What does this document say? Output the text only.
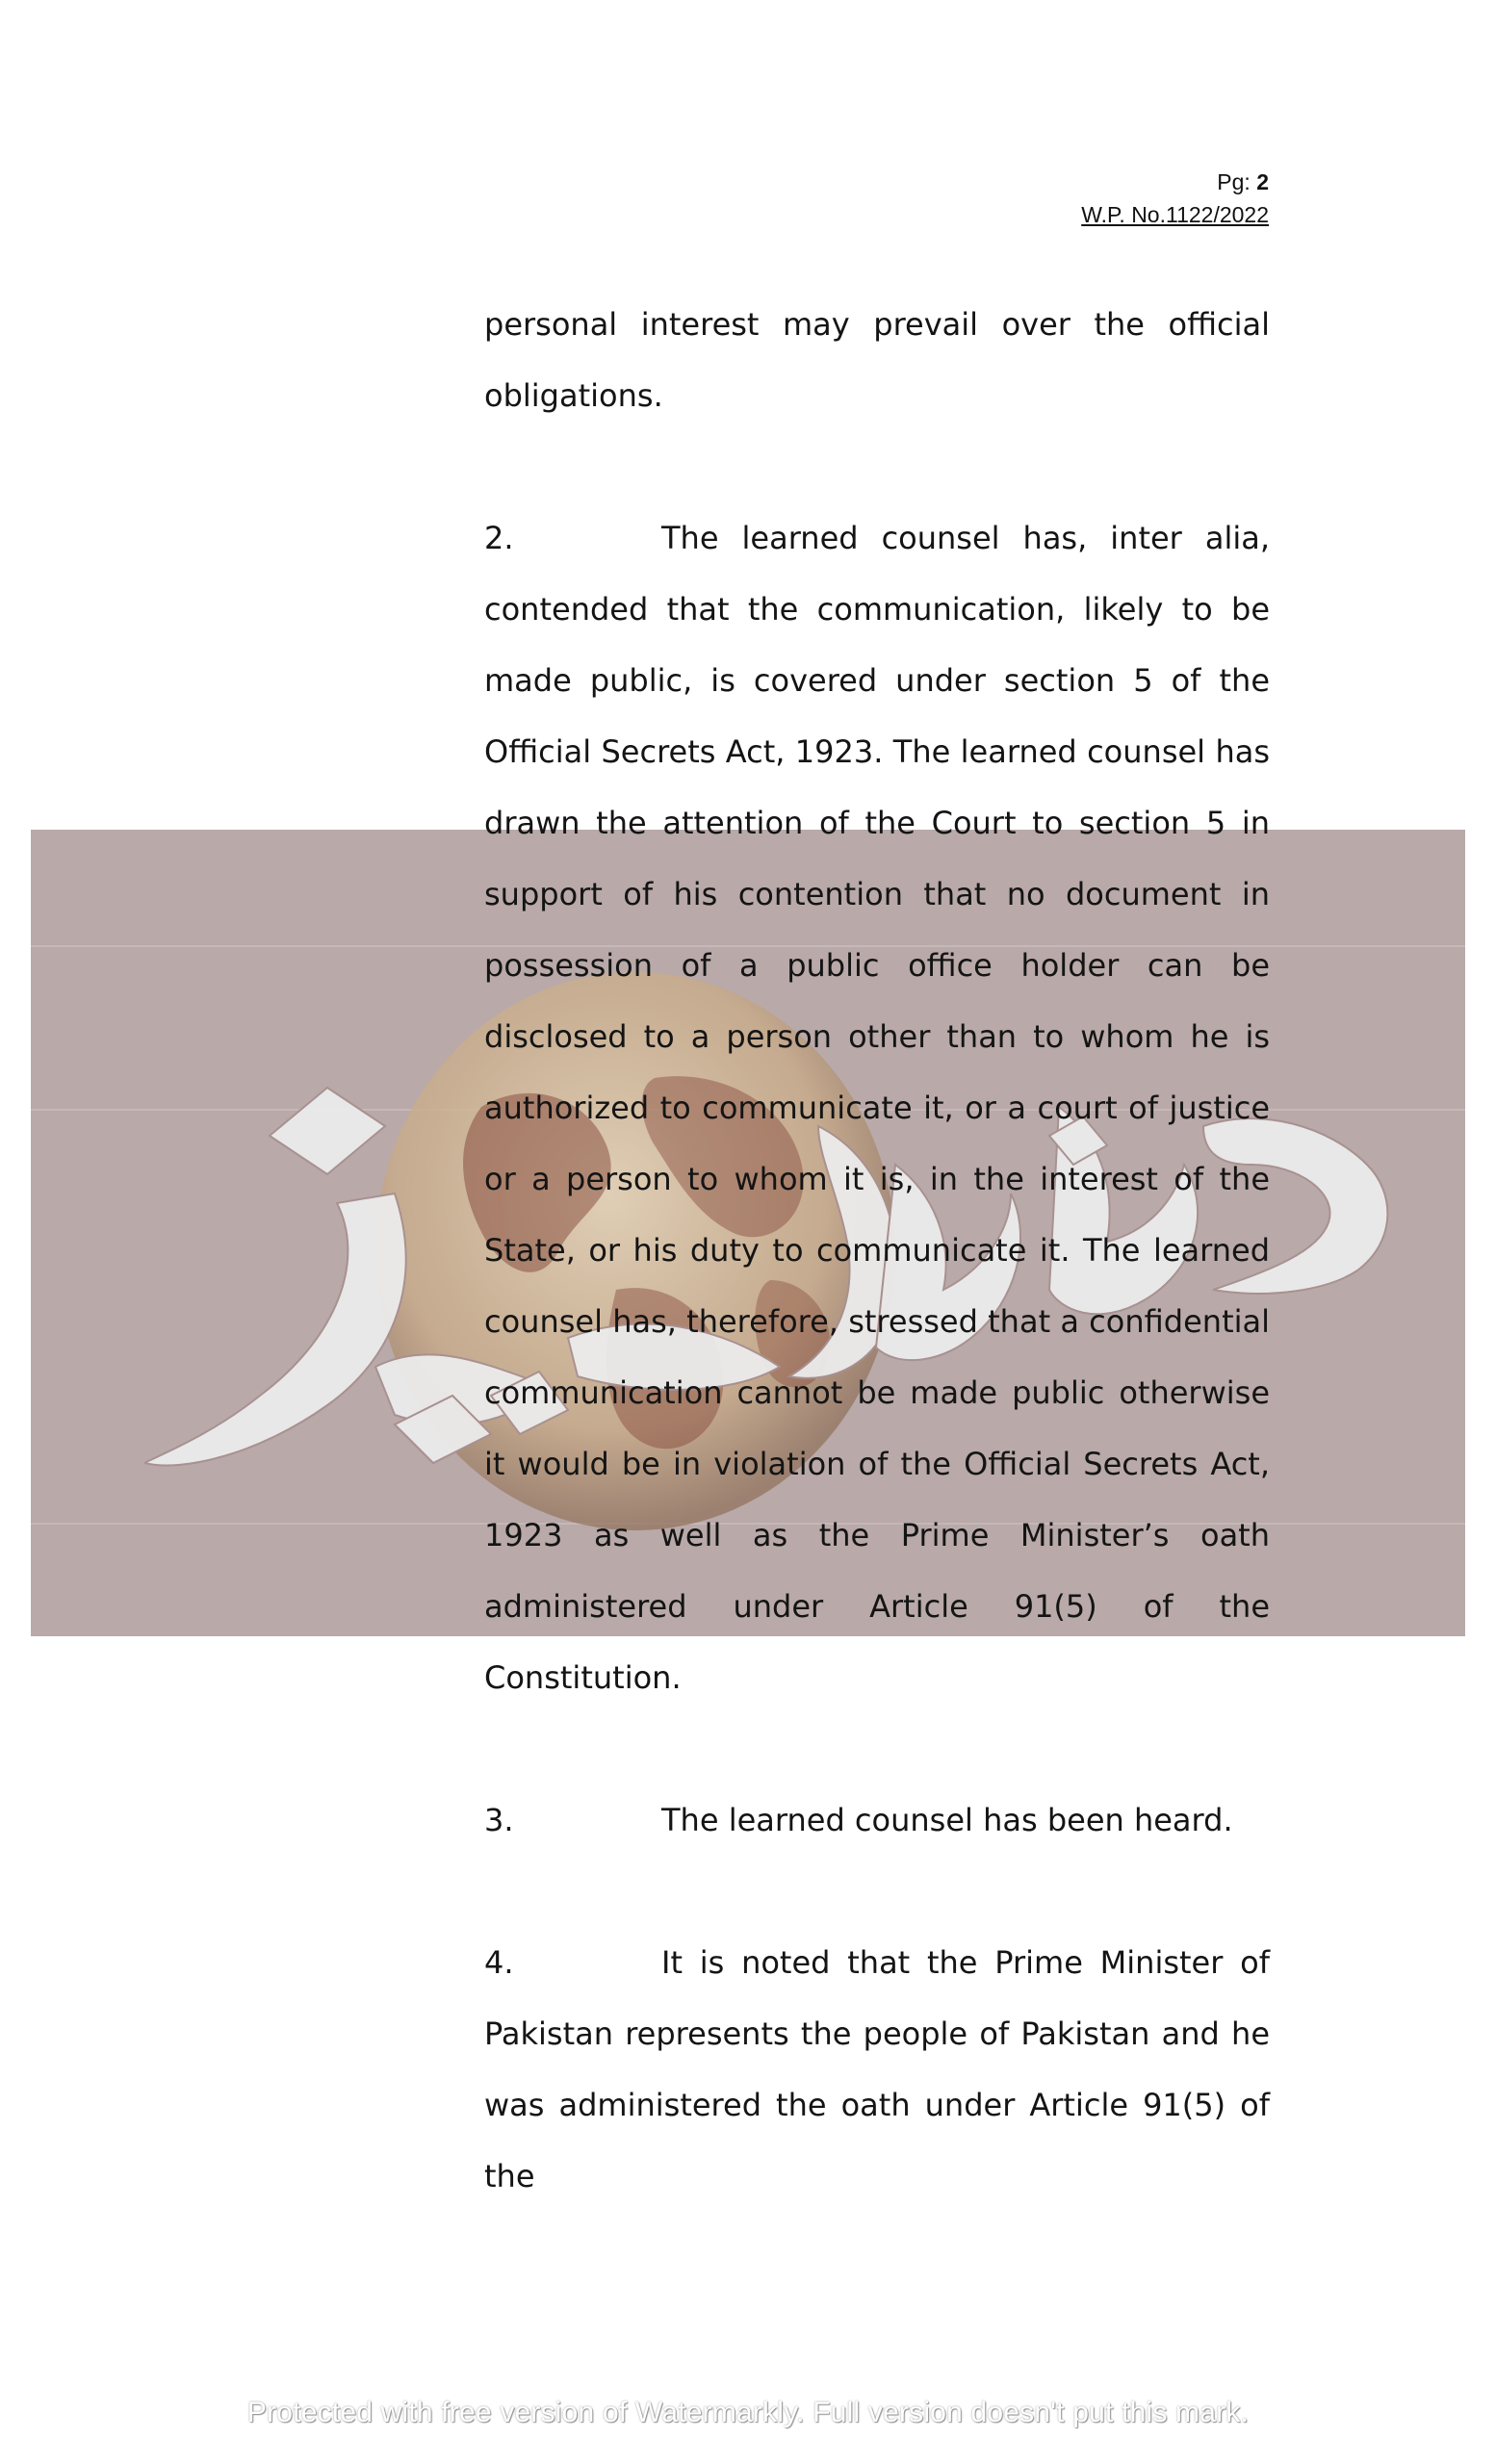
Pg: 2
W.P. No.1122/2022

personal interest may prevail over the official obligations.

2.	The learned counsel has, inter alia, contended that the communication, likely to be made public, is covered under section 5 of the Official Secrets Act, 1923. The learned counsel has drawn the attention of the Court to section 5 in support of his contention that no document in possession of a public office holder can be disclosed to a person other than to whom he is authorized to communicate it, or a court of justice or a person to whom it is, in the interest of the State, or his duty to communicate it. The learned counsel has, therefore, stressed that a confidential communication cannot be made public otherwise it would be in violation of the Official Secrets Act, 1923 as well as the Prime Minister’s oath administered under Article 91(5) of the Constitution.

3.	The learned counsel has been heard.

4.	It is noted that the Prime Minister of Pakistan represents the people of Pakistan and he was administered the oath under Article 91(5) of the

Protected with free version of Watermarkly. Full version doesn't put this mark.
